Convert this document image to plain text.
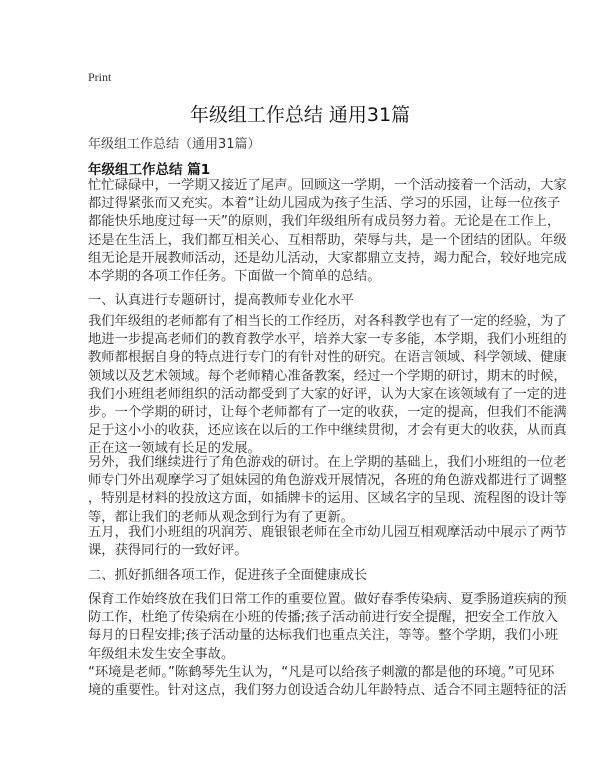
Print
年级组工作总结 通用31篇
年级组工作总结（通用31篇）
年级组工作总结 篇1
忙忙碌碌中，一学期又接近了尾声。回顾这一学期，一个活动接着一个活动，大家
都过得紧张而又充实。本着“让幼儿园成为孩子生活、学习的乐园，让每一位孩子
都能快乐地度过每一天”的原则，我们年级组所有成员努力着。无论是在工作上，
还是在生活上，我们都互相关心、互相帮助，荣辱与共，是一个团结的团队。年级
组无论是开展教师活动，还是幼儿活动，大家都鼎立支持，竭力配合，较好地完成
本学期的各项工作任务。下面做一个简单的总结。
一、认真进行专题研讨，提高教师专业化水平
我们年级组的老师都有了相当长的工作经历，对各科教学也有了一定的经验，为了
地进一步提高老师们的教育教学水平，培养大家一专多能，本学期，我们小班组的
教师都根据自身的特点进行专门的有针对性的研究。在语言领域、科学领域、健康
领域以及艺术领域。每个老师精心准备教案，经过一个学期的研讨，期末的时候，
我们小班组老师组织的活动都受到了大家的好评，认为大家在该领域有了一定的进
步。一个学期的研讨，让每个老师都有了一定的收获，一定的提高，但我们不能满
足于这小小的收获，还应该在以后的工作中继续贯彻，才会有更大的收获，从而真
正在这一领域有长足的发展。
另外，我们继续进行了角色游戏的研讨。在上学期的基础上，我们小班组的一位老
师专门外出观摩学习了姐妹园的角色游戏开展情况，各班的角色游戏都进行了调整
，特别是材料的投放这方面，如插牌卡的运用、区域名字的呈现、流程图的设计等
等，都让我们的老师从观念到行为有了更新。
五月，我们小班组的巩润芳、鹿银银老师在全市幼儿园互相观摩活动中展示了两节
课，获得同行的一致好评。
二、抓好抓细各项工作，促进孩子全面健康成长
保育工作始终放在我们日常工作的重要位置。做好春季传染病、夏季肠道疾病的预
防工作，杜绝了传染病在小班的传播;孩子活动前进行安全提醒，把安全工作放入
每月的日程安排;孩子活动量的达标我们也重点关注，等等。整个学期，我们小班
年级组未发生安全事故。
“环境是老师。”陈鹤琴先生认为，“凡是可以给孩子刺激的都是他的环境。”可见环
境的重要性。针对这点，我们努力创设适合幼儿年龄特点、适合不同主题特征的活
